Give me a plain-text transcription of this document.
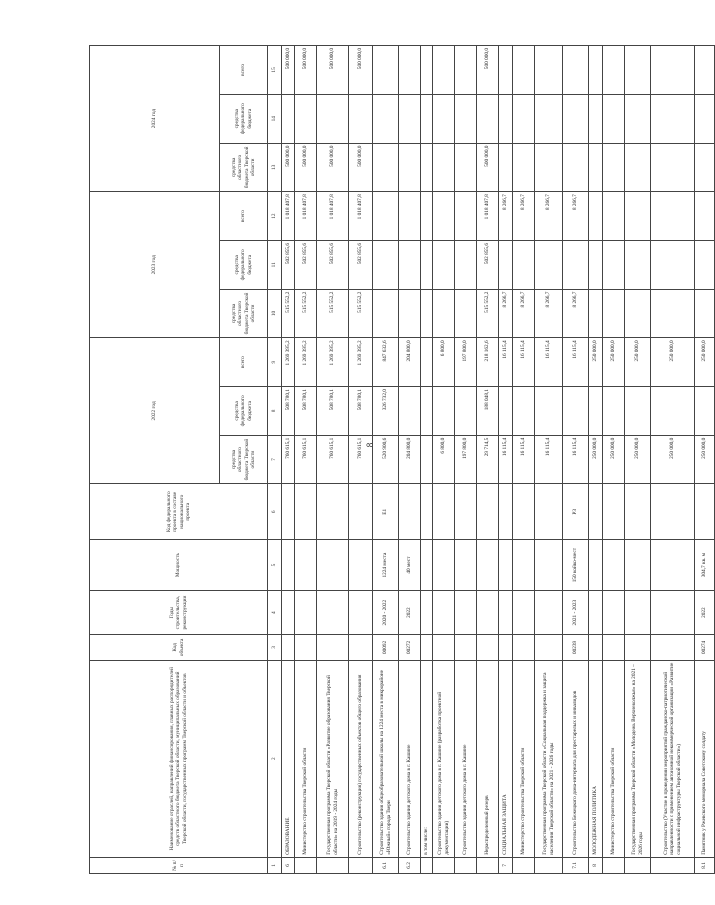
8
№ п/п	Наименование отраслей, направлений финансирования, главных распорядителей средств областного бюджета Тверской области, муниципальных образований Тверской области, государственных программ Тверской области и объектов	Код объекта	Годы строительства, реконструкции	Мощность	Код федерального проекта в составе национального проекта	2022 год			2023 год			2024 год		
						средства областного бюджета Тверской области	средства федерального бюджета	всего	средства областного бюджета Тверской области	средства федерального бюджета	всего	средства областного бюджета Тверской области	средства федерального бюджета	всего
1	2	3	4	5	6	7	8	9	10	11	12	13	14	15
6	ОБРАЗОВАНИЕ					760 615,1	508 780,1	1 269 395,2	515 552,2	502 855,6	1 018 407,8	500 000,0		500 000,0
	Министерство строительства Тверской области					760 615,1	508 780,1	1 269 395,2	515 552,2	502 855,6	1 018 407,8	500 000,0		500 000,0
	Государственная программа Тверской области «Развитие образования Тверской области» на 2019 - 2024 годы					760 615,1	508 780,1	1 269 395,2	515 552,2	502 855,6	1 018 407,8	500 000,0		500 000,0
	Строительство (реконструкция) государственных объектов общего образования					760 615,1	508 780,1	1 269 395,2	515 552,2	502 855,6	1 018 407,8	500 000,0		500 000,0
6.1	Строительство здания общеобразовательной школы на 1224 места в микрорайоне «Южный» города Твери	00092	2020 - 2022	1224 места	E1	520 900,6	326 732,0	847 632,6						
6.2	Строительство здания детского дома в г. Кашине	00272	2022	40 мест		204 800,0		204 800,0						
	в том числе:													
	Строительство здания детского дома в г. Кашине (разработка проектной документации)					6 800,0		6 800,0						
	Строительство здания детского дома в г. Кашине					197 800,0		197 800,0						
	Нераспределенный резерв					29 714,5	188 048,1	218 162,6	515 552,2	502 855,6	1 018 407,8	500 000,0		500 000,0
7	СОЦИАЛЬНАЯ ЗАЩИТА					16 115,4		16 115,4	8 266,7		8 266,7			
	Министерство строительства Тверской области					16 115,4		16 115,4	8 266,7		8 266,7			
	Государственная программа Тверской области «Социальная поддержка и защита населения Тверской области» на 2021 - 2026 годы					16 115,4		16 115,4	8 266,7		8 266,7			
7.1	Строительство Бежецкого дома-интерната для престарелых и инвалидов	00239	2021 - 2023	150 койко-мест	P3	16 115,4		16 115,4	8 266,7		8 266,7			
8	МОЛОДЕЖНАЯ ПОЛИТИКА					250 000,0		250 000,0						
	Министерство строительства Тверской области					250 000,0		250 000,0						
	Государственная программа Тверской области «Молодежь Верхневолжья» на 2021 – 2026 годы					250 000,0		250 000,0						
	Строительство (Участие в проведении мероприятий гражданско-патриотической направленности с применением автономной некоммерческой организации «Развитие социальной инфраструктуры Тверской области»)					250 000,0		250 000,0						
8.1	Памятник у Ржевского мемориала Советскому солдату	00274	2022	304,7 кв. м		250 000,0		250 000,0						
